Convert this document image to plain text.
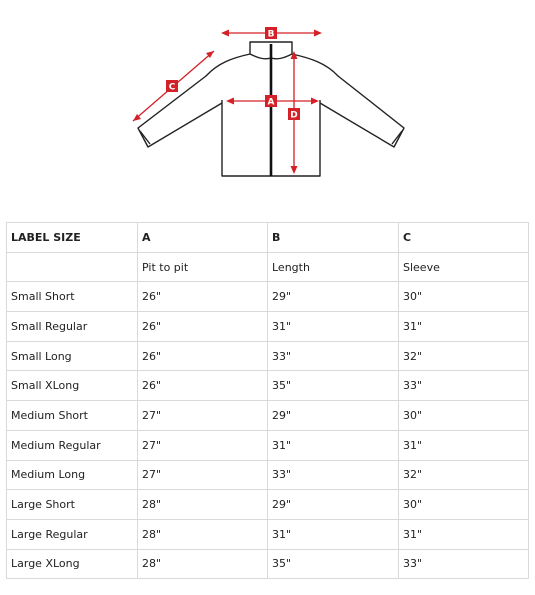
C
B
A
D
LABEL SIZE	A	B	C
	Pit to pit	Length	Sleeve
Small Short	26"	29"	30"
Small Regular	26"	31"	31"
Small Long	26"	33"	32"
Small XLong	26"	35"	33"
Medium Short	27"	29"	30"
Medium Regular	27"	31"	31"
Medium Long	27"	33"	32"
Large Short	28"	29"	30"
Large Regular	28"	31"	31"
Large XLong	28"	35"	33"
